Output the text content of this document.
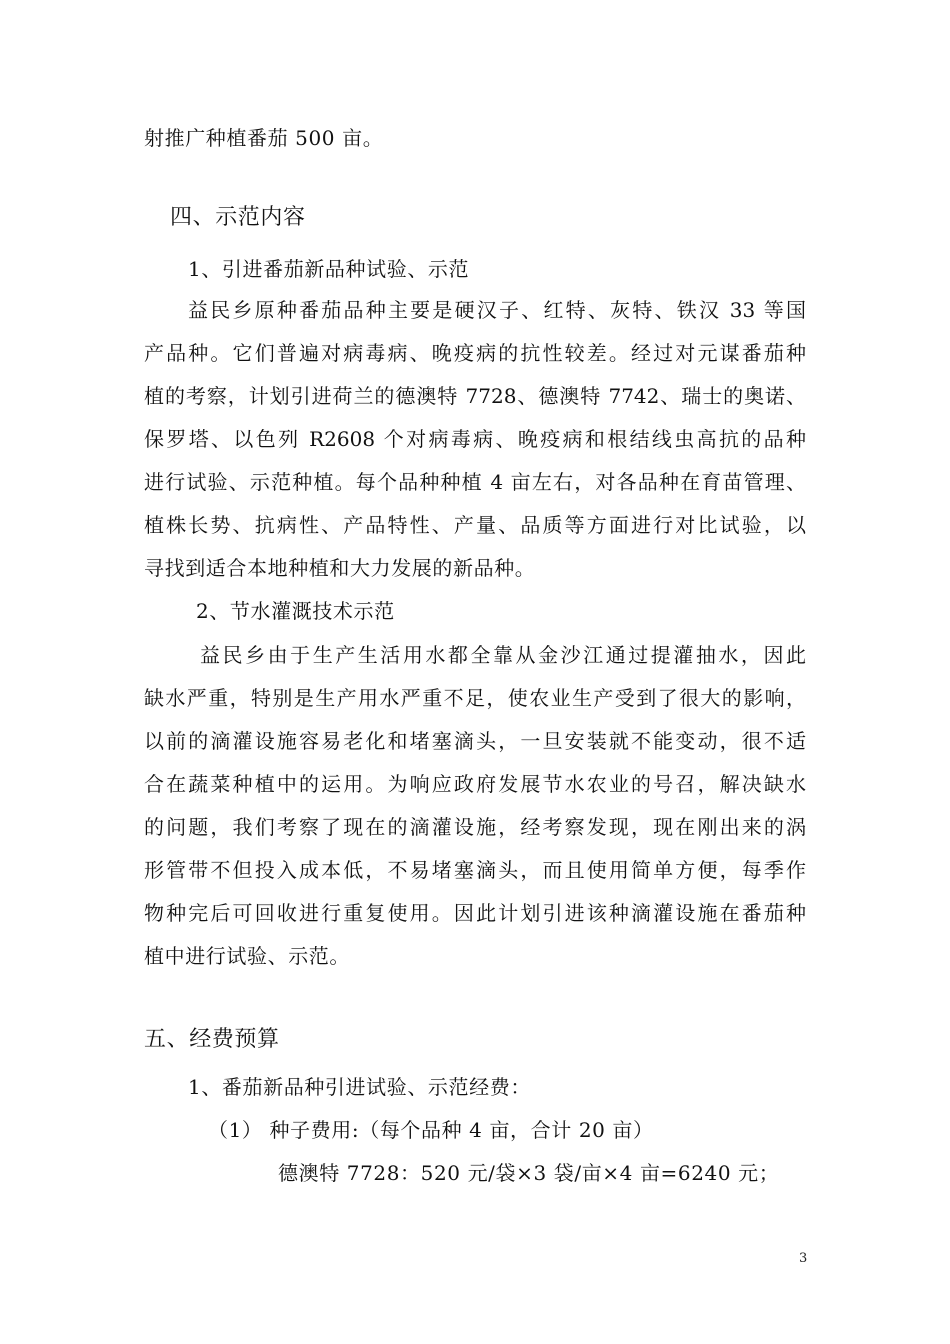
射推广种植番茄 500 亩。
四、示范内容
1、引进番茄新品种试验、示范
益民乡原种番茄品种主要是硬汉子、红特、灰特、铁汉 33 等国
产品种。它们普遍对病毒病、晚疫病的抗性较差。经过对元谋番茄种
植的考察，计划引进荷兰的德澳特 7728、德澳特 7742、瑞士的奥诺、
保罗塔、以色列 R2608 个对病毒病、晚疫病和根结线虫高抗的品种
进行试验、示范种植。每个品种种植 4 亩左右，对各品种在育苗管理、
植株长势、抗病性、产品特性、产量、品质等方面进行对比试验，以
寻找到适合本地种植和大力发展的新品种。
2、节水灌溉技术示范
益民乡由于生产生活用水都全靠从金沙江通过提灌抽水，因此
缺水严重，特别是生产用水严重不足，使农业生产受到了很大的影响，
以前的滴灌设施容易老化和堵塞滴头，一旦安装就不能变动，很不适
合在蔬菜种植中的运用。为响应政府发展节水农业的号召，解决缺水
的问题，我们考察了现在的滴灌设施，经考察发现，现在刚出来的涡
形管带不但投入成本低，不易堵塞滴头，而且使用简单方便，每季作
物种完后可回收进行重复使用。因此计划引进该种滴灌设施在番茄种
植中进行试验、示范。
五、经费预算
1、番茄新品种引进试验、示范经费：
（1） 种子费用:（每个品种 4 亩，合计 20 亩）
德澳特 7728：520 元/袋×3 袋/亩×4 亩=6240 元；
3
